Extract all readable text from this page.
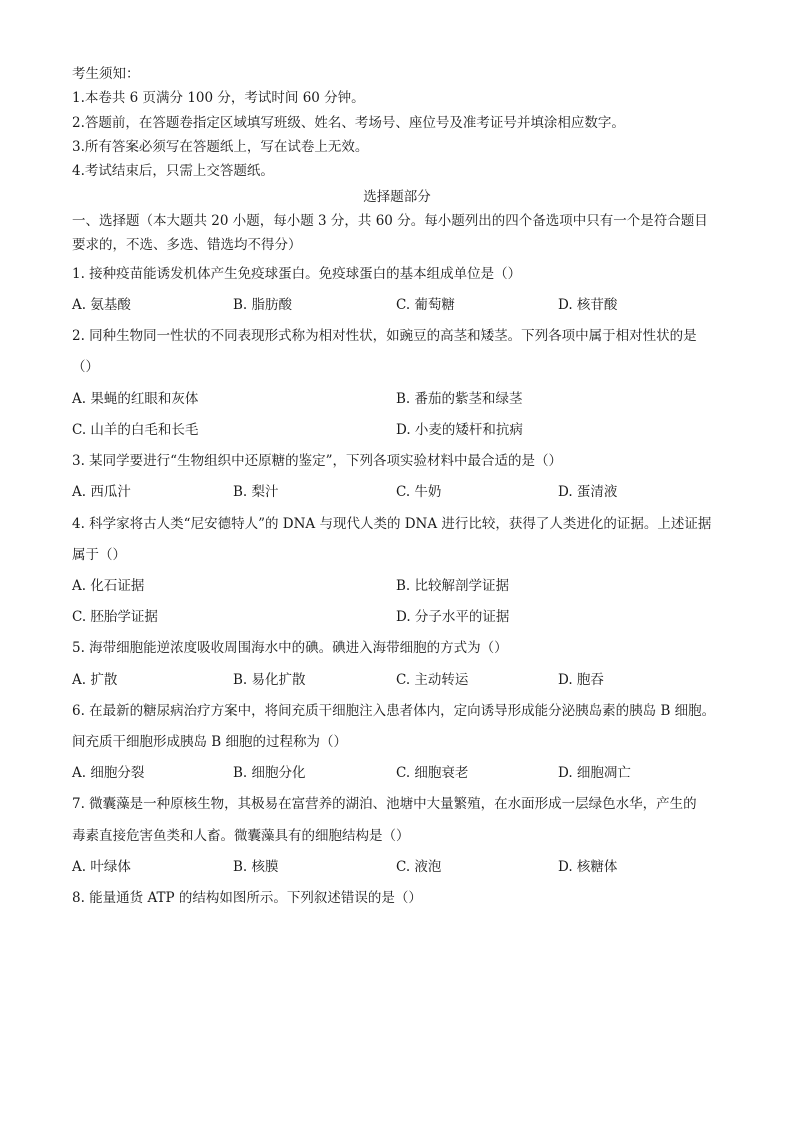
考生须知：
1.本卷共 6 页满分 100 分，考试时间 60 分钟。
2.答题前，在答题卷指定区域填写班级、姓名、考场号、座位号及准考证号并填涂相应数字。
3.所有答案必须写在答题纸上，写在试卷上无效。
4.考试结束后，只需上交答题纸。
选择题部分
一、选择题（本大题共 20 小题，每小题 3 分，共 60 分。每小题列出的四个备选项中只有一个是符合题目
要求的，不选、多选、错选均不得分）
1. 接种疫苗能诱发机体产生免疫球蛋白。免疫球蛋白的基本组成单位是（）
A. 氨基酸	B. 脂肪酸	C. 葡萄糖	D. 核苷酸
2. 同种生物同一性状的不同表现形式称为相对性状，如豌豆的高茎和矮茎。下列各项中属于相对性状的是
（）
A. 果蝇的红眼和灰体	B. 番茄的紫茎和绿茎
C. 山羊的白毛和长毛	D. 小麦的矮杆和抗病
3. 某同学要进行“生物组织中还原糖的鉴定”，下列各项实验材料中最合适的是（）
A. 西瓜汁	B. 梨汁	C. 牛奶	D. 蛋清液
4. 科学家将古人类“尼安德特人”的 DNA 与现代人类的 DNA 进行比较，获得了人类进化的证据。上述证据
属于（）
A. 化石证据	B. 比较解剖学证据
C. 胚胎学证据	D. 分子水平的证据
5. 海带细胞能逆浓度吸收周围海水中的碘。碘进入海带细胞的方式为（）
A. 扩散	B. 易化扩散	C. 主动转运	D. 胞吞
6. 在最新的糖尿病治疗方案中，将间充质干细胞注入患者体内，定向诱导形成能分泌胰岛素的胰岛 B 细胞。
间充质干细胞形成胰岛 B 细胞的过程称为（）
A. 细胞分裂	B. 细胞分化	C. 细胞衰老	D. 细胞凋亡
7. 微囊藻是一种原核生物，其极易在富营养的湖泊、池塘中大量繁殖，在水面形成一层绿色水华，产生的
毒素直接危害鱼类和人畜。微囊藻具有的细胞结构是（）
A. 叶绿体	B. 核膜	C. 液泡	D. 核糖体
8. 能量通货 ATP 的结构如图所示。下列叙述错误的是（）
